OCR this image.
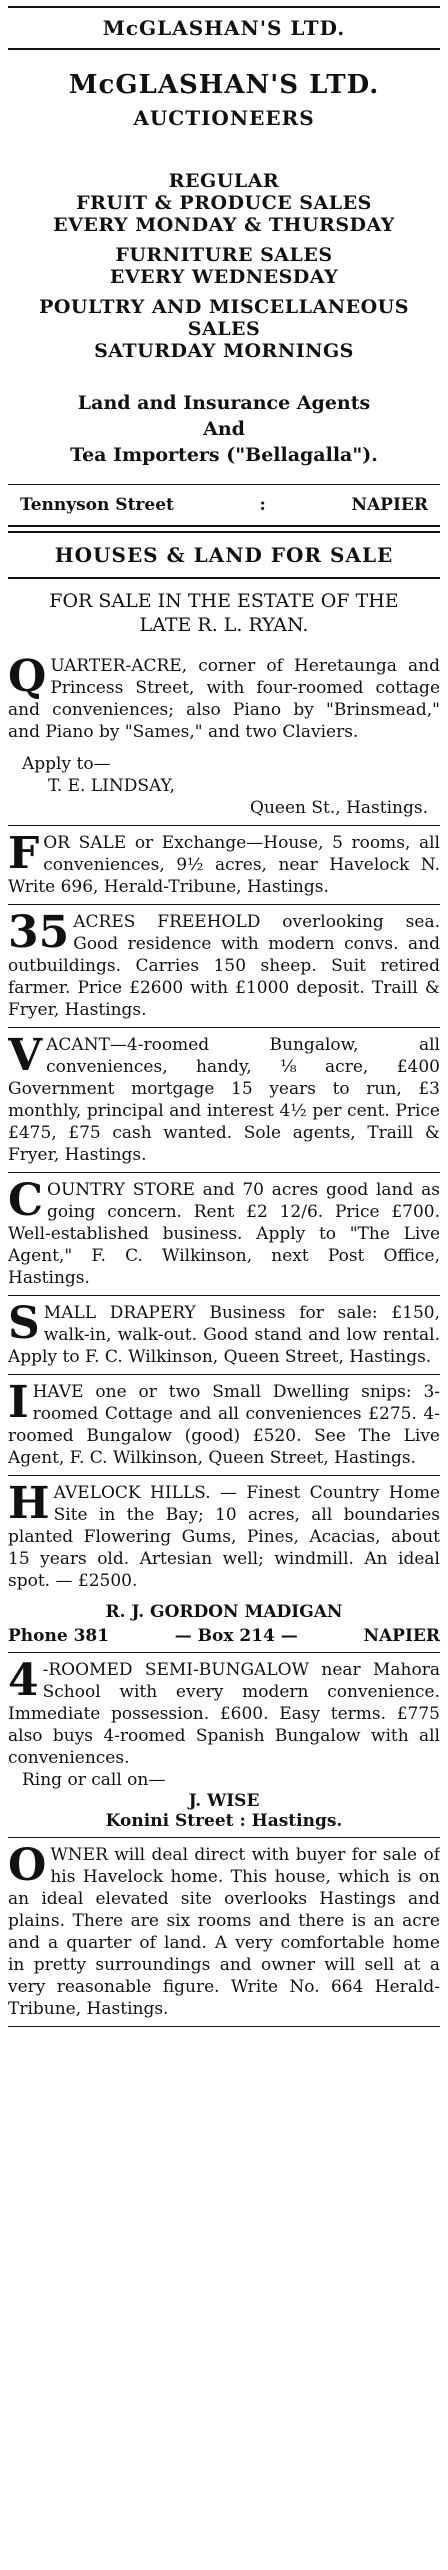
McGLASHAN'S LTD.
McGLASHAN'S LTD.
AUCTIONEERS
REGULAR
FRUIT & PRODUCE SALES
EVERY MONDAY & THURSDAY
FURNITURE SALES
EVERY WEDNESDAY
POULTRY AND MISCELLANEOUS
SALES
SATURDAY MORNINGS
Land and Insurance Agents
And
Tea Importers ("Bellagalla").
Tennyson Street	:	NAPIER
HOUSES & LAND FOR SALE
FOR SALE IN THE ESTATE OF THE
LATE R. L. RYAN.
QUARTER-ACRE, corner of Heretaunga and Princess Street, with four-roomed cottage and conveniences; also Piano by "Brinsmead," and Piano by "Sames," and two Claviers.
Apply to—
T. E. LINDSAY,
Queen St., Hastings.
FOR SALE or Exchange—House, 5 rooms, all conveniences, 9½ acres, near Havelock N. Write 696, Herald-Tribune, Hastings.
35 ACRES FREEHOLD overlooking sea. Good residence with modern convs. and outbuildings. Carries 150 sheep. Suit retired farmer. Price £2600 with £1000 deposit. Traill & Fryer, Hastings.
VACANT—4-roomed Bungalow, all conveniences, handy, ⅛ acre, £400 Government mortgage 15 years to run, £3 monthly, principal and interest 4½ per cent. Price £475, £75 cash wanted. Sole agents, Traill & Fryer, Hastings.
COUNTRY STORE and 70 acres good land as going concern. Rent £2 12/6. Price £700. Well-established business. Apply to "The Live Agent," F. C. Wilkinson, next Post Office, Hastings.
SMALL DRAPERY Business for sale: £150, walk-in, walk-out. Good stand and low rental. Apply to F. C. Wilkinson, Queen Street, Hastings.
I HAVE one or two Small Dwelling snips: 3-roomed Cottage and all conveniences £275. 4-roomed Bungalow (good) £520. See The Live Agent, F. C. Wilkinson, Queen Street, Hastings.
HAVELOCK HILLS. — Finest Country Home Site in the Bay; 10 acres, all boundaries planted Flowering Gums, Pines, Acacias, about 15 years old. Artesian well; windmill. An ideal spot. — £2500.
R. J. GORDON MADIGAN
Phone 381	— Box 214 —	NAPIER
4 -ROOMED SEMI-BUNGALOW near Mahora School with every modern convenience. Immediate possession. £600. Easy terms. £775 also buys 4-roomed Spanish Bungalow with all conveniences.
Ring or call on—
J. WISE
Konini Street : Hastings.
OWNER will deal direct with buyer for sale of his Havelock home. This house, which is on an ideal elevated site overlooks Hastings and plains. There are six rooms and there is an acre and a quarter of land. A very comfortable home in pretty surroundings and owner will sell at a very reasonable figure. Write No. 664 Herald-Tribune, Hastings.
